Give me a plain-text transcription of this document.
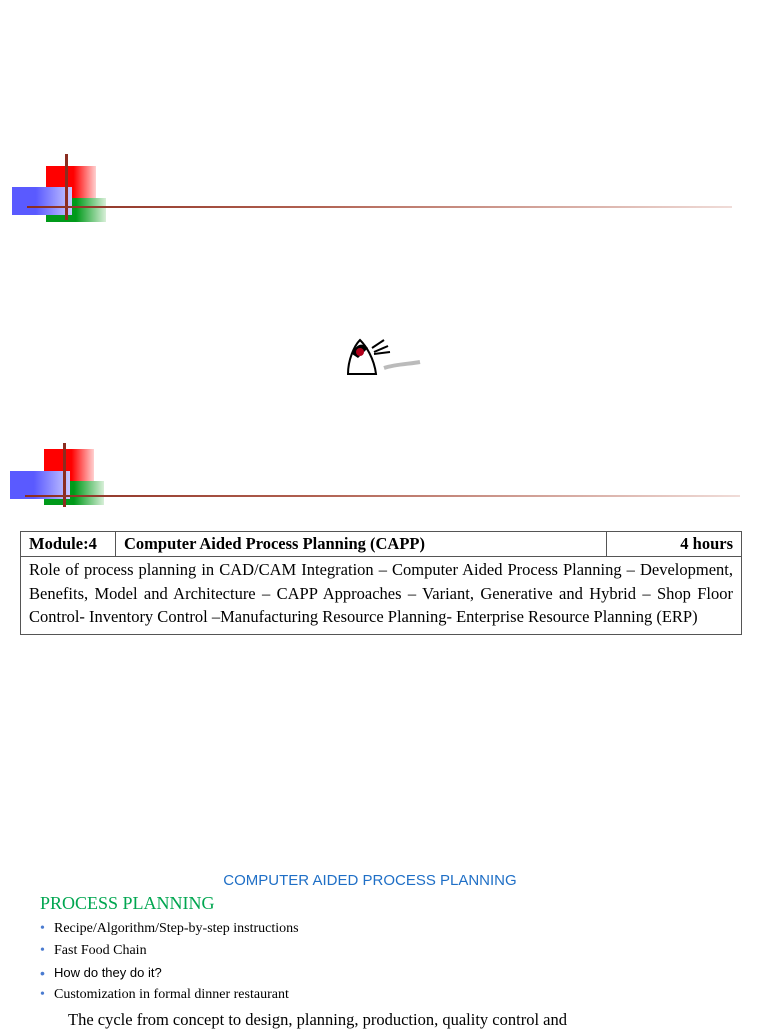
Module:4	Computer Aided Process Planning (CAPP)	4 hours
Role of process planning in CAD/CAM Integration – Computer Aided Process Planning – Development, Benefits, Model and Architecture – CAPP Approaches – Variant, Generative and Hybrid – Shop Floor Control- Inventory Control –Manufacturing Resource Planning- Enterprise Resource Planning (ERP)
COMPUTER AIDED PROCESS PLANNING
PROCESS PLANNING
• Recipe/Algorithm/Step-by-step instructions
• Fast Food Chain
• How do they do it?
• Customization in formal dinner restaurant
The cycle from concept to design, planning, production, quality control and
